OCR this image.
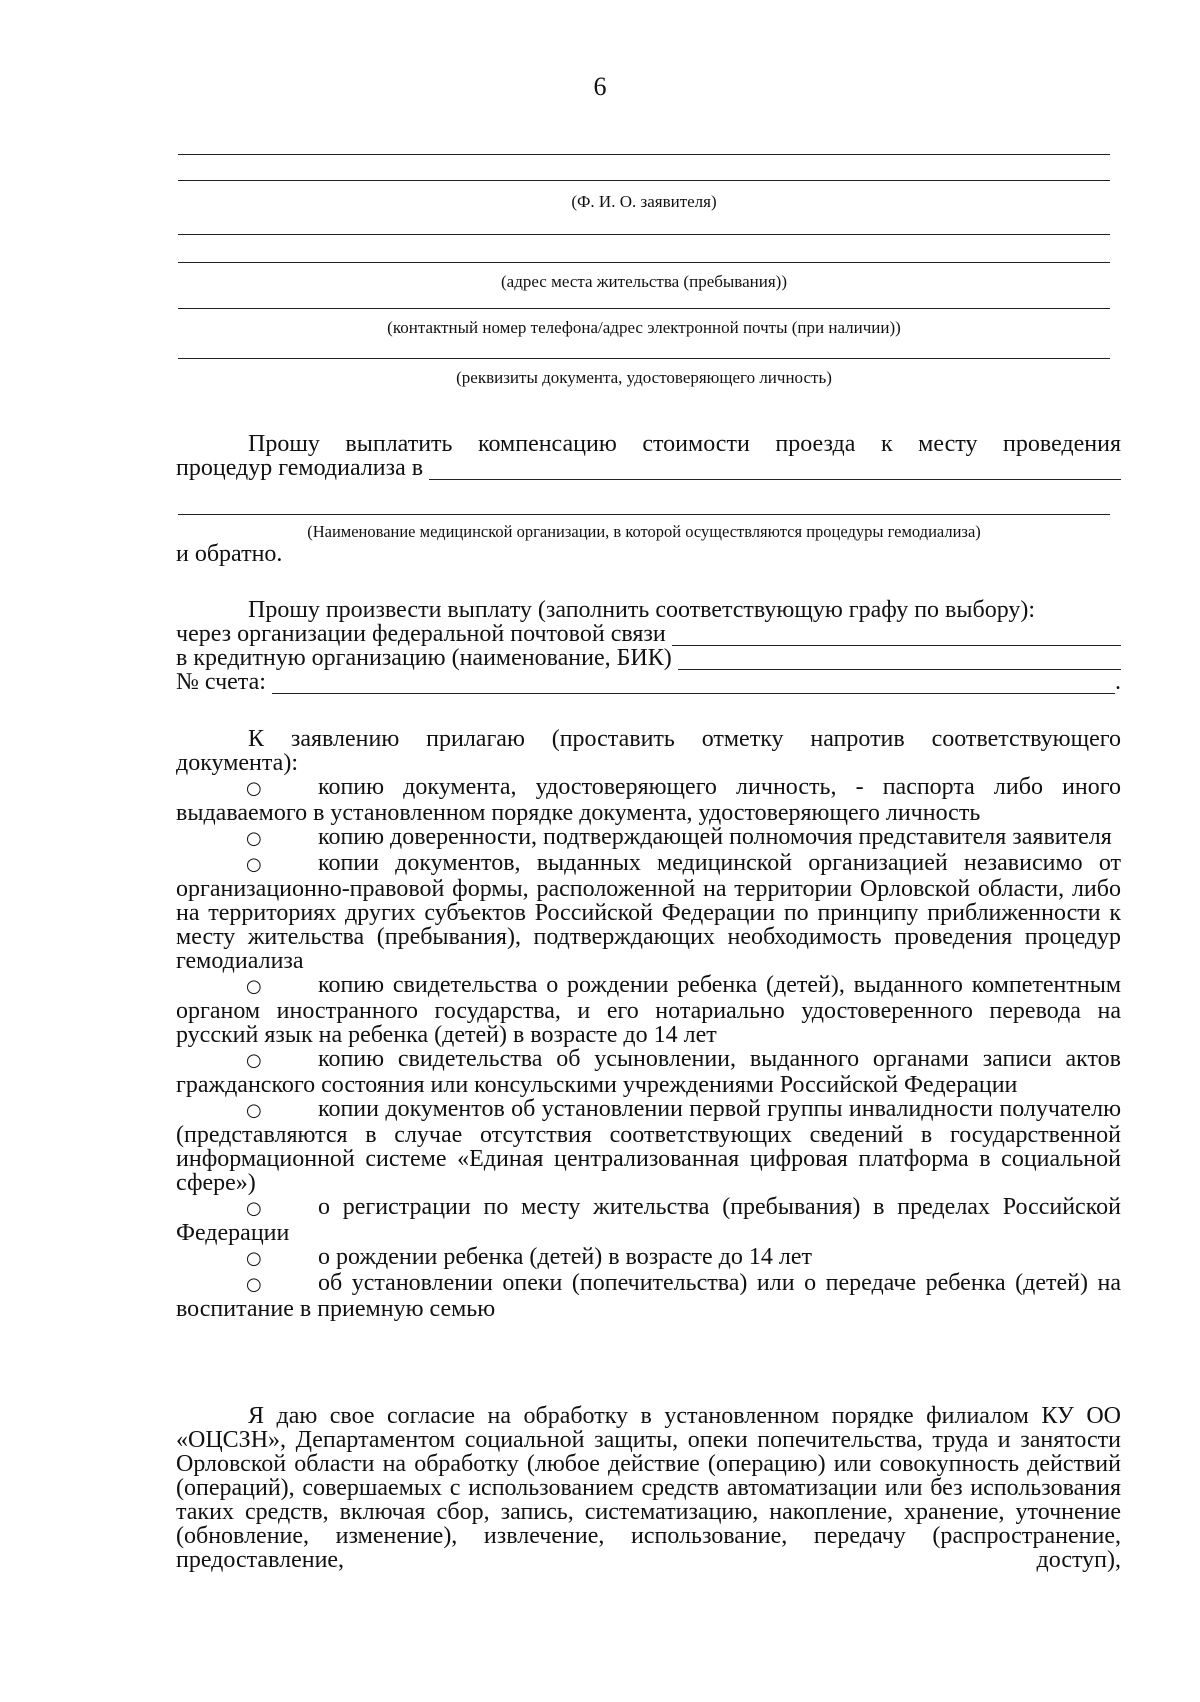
6
(Ф. И. О. заявителя)
(адрес места жительства (пребывания))
(контактный номер телефона/адрес электронной почты (при наличии))
(реквизиты документа, удостоверяющего личность)

Прошу выплатить компенсацию стоимости проезда к месту проведения

процедур гемодиализа в
(Наименование медицинской организации, в которой осуществляются процедуры гемодиализа)

и обратно.

Прошу произвести выплату (заполнить соответствующую графу по выбору):

через организации федеральной почтовой связи
в кредитную организацию (наименование, БИК)
№ счета:	.

К заявлению прилагаю (проставить отметку напротив соответствующего документа):

○ копию документа, удостоверяющего личность, - паспорта либо иного выдаваемого в установленном порядке документа, удостоверяющего личность

○ копию доверенности, подтверждающей полномочия представителя заявителя

○ копии документов, выданных медицинской организацией независимо от организационно-правовой формы, расположенной на территории Орловской области, либо на территориях других субъектов Российской Федерации по принципу приближенности к месту жительства (пребывания), подтверждающих необходимость проведения процедур гемодиализа

○ копию свидетельства о рождении ребенка (детей), выданного компетентным органом иностранного государства, и его нотариально удостоверенного перевода на русский язык на ребенка (детей) в возрасте до 14 лет

○ копию свидетельства об усыновлении, выданного органами записи актов гражданского состояния или консульскими учреждениями Российской Федерации

○ копии документов об установлении первой группы инвалидности получателю (представляются в случае отсутствия соответствующих сведений в государственной информационной системе «Единая централизованная цифровая платформа в социальной сфере»)

○ о регистрации по месту жительства (пребывания) в пределах Российской Федерации

○ о рождении ребенка (детей) в возрасте до 14 лет

○ об установлении опеки (попечительства) или о передаче ребенка (детей) на воспитание в приемную семью

Я даю свое согласие на обработку в установленном порядке филиалом КУ ОО «ОЦСЗН», Департаментом социальной защиты, опеки попечительства, труда и занятости Орловской области на обработку (любое действие (операцию) или совокупность действий (операций), совершаемых с использованием средств автоматизации или без использования таких средств, включая сбор, запись, систематизацию, накопление, хранение, уточнение (обновление, изменение), извлечение, использование, передачу (распространение, предоставление, доступ),
